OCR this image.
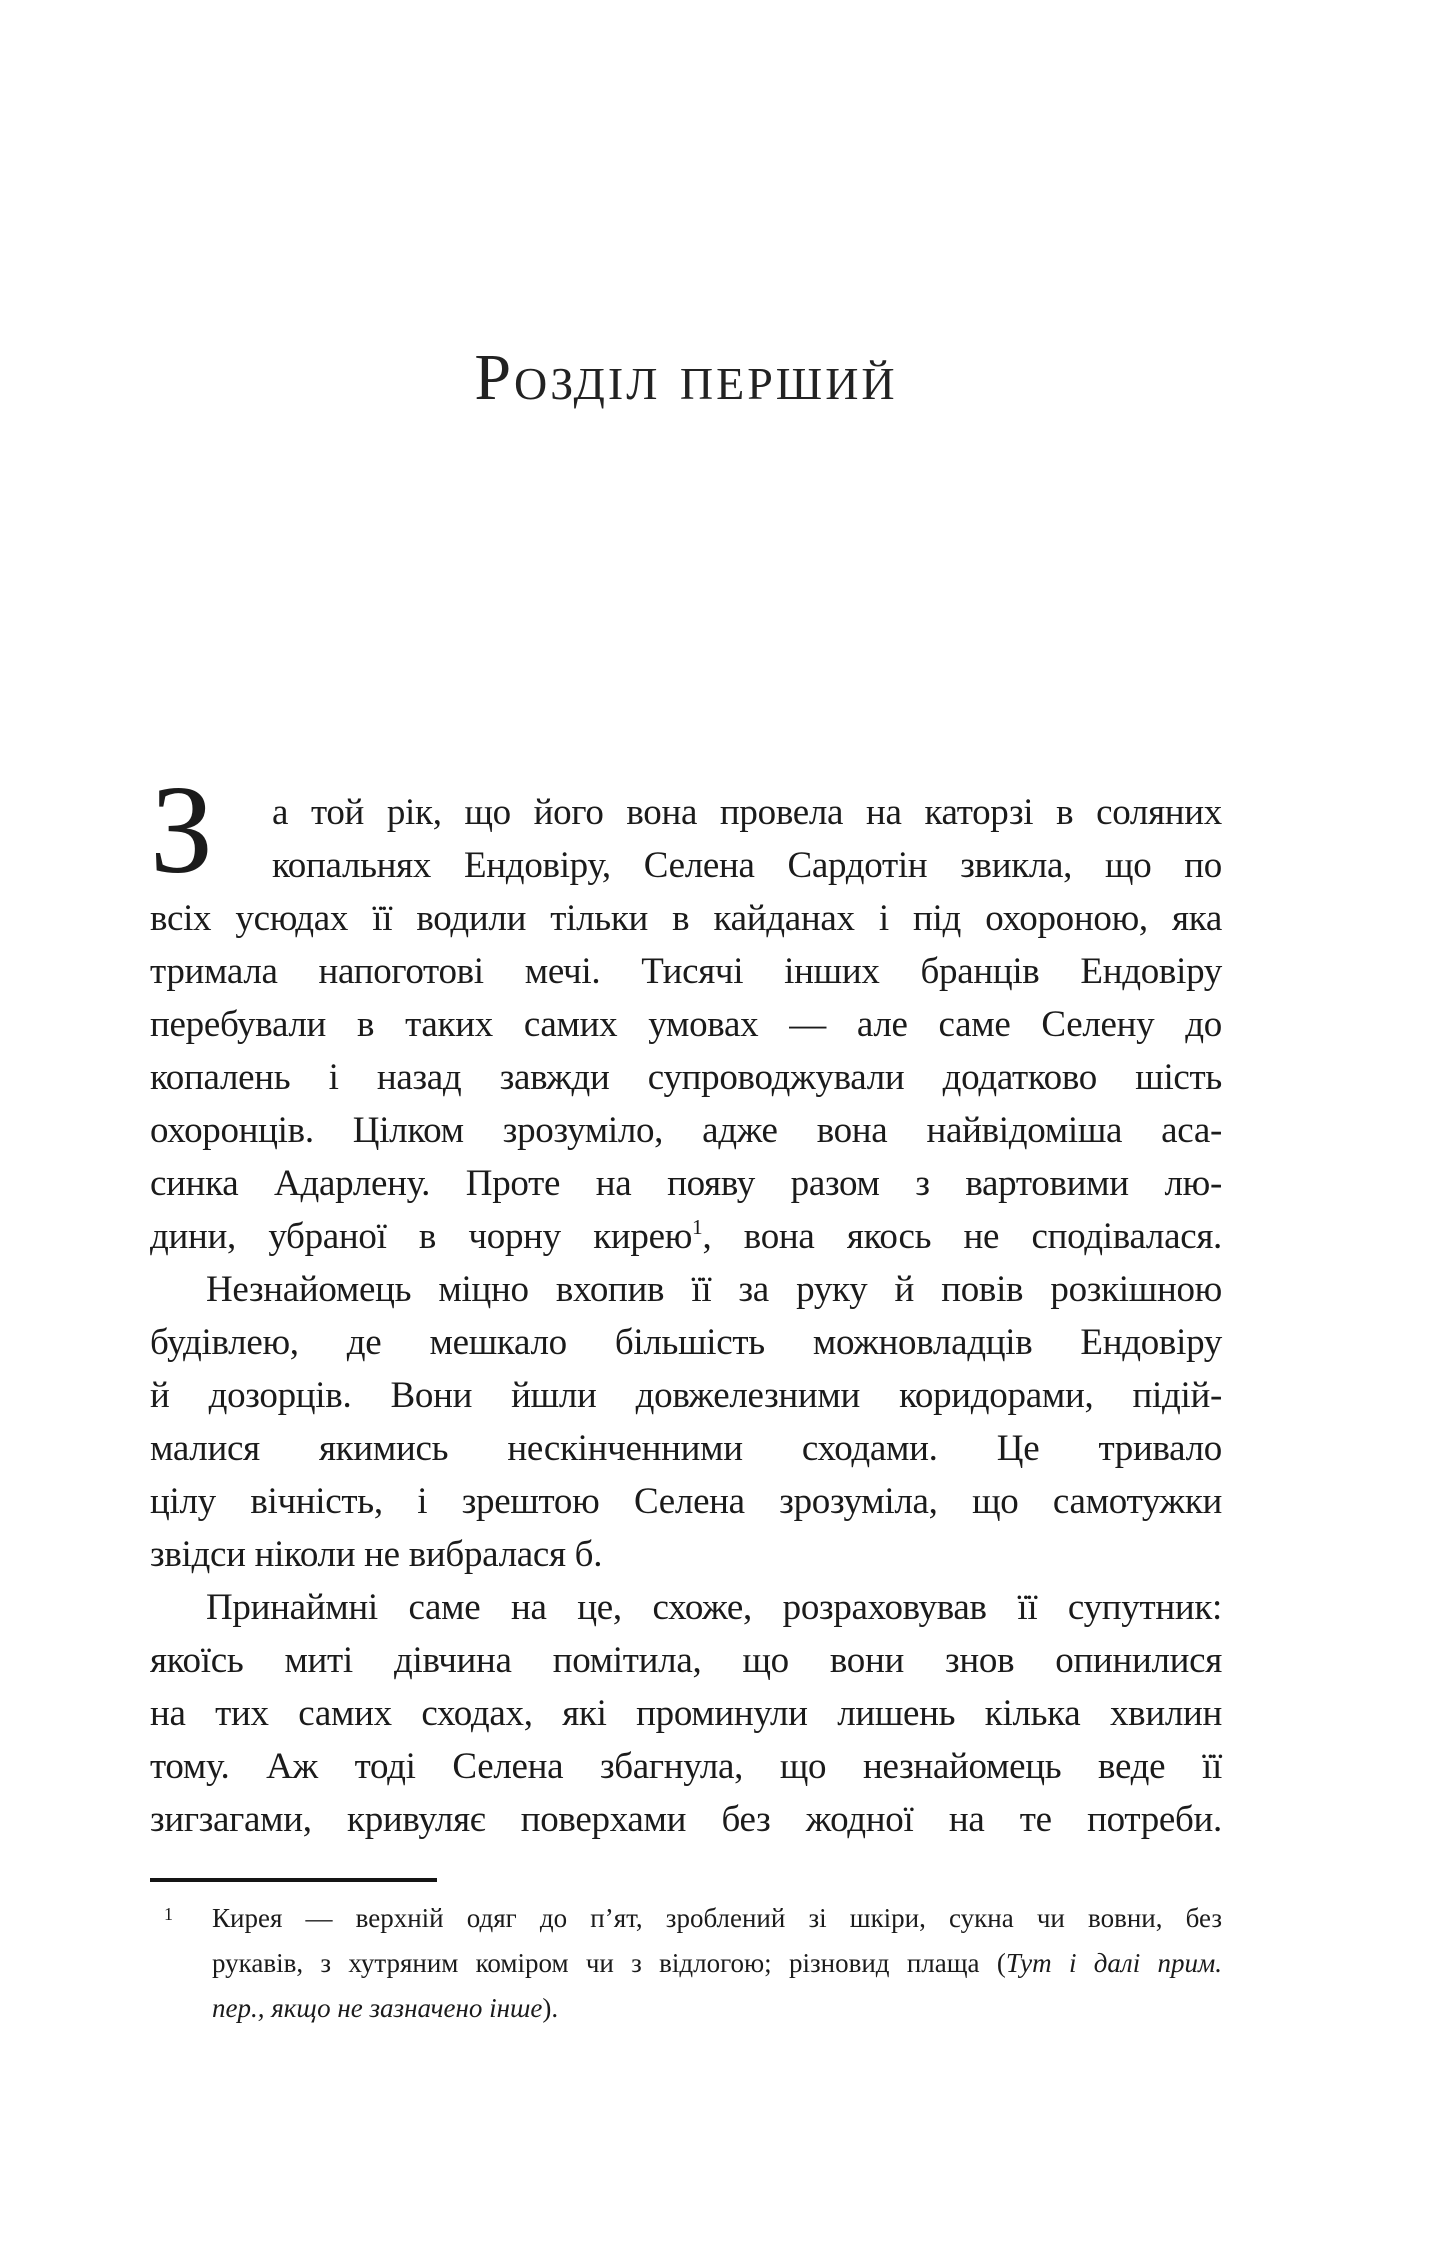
Розділ перший
З а той рік, що його вона провела на каторзі в соляних
копальнях Ендовіру, Селена Сардотін звикла, що по
всіх усюдах її водили тільки в кайданах і під охороною, яка
тримала напоготові мечі. Тисячі інших бранців Ендовіру
перебували в таких самих умовах — але саме Селену до
копалень і назад завжди супроводжували додатково шість
охоронців. Цілком зрозуміло, адже вона найвідоміша аса-
синка Адарлену. Проте на появу разом з вартовими лю-
дини, убраної в чорну кирею$^1$, вона якось не сподівалася.
Незнайомець міцно вхопив її за руку й повів розкішною
будівлею, де мешкало більшість можновладців Ендовіру
й дозорців. Вони йшли довжелезними коридорами, підій-
малися якимись нескінченними сходами. Це тривало
цілу вічність, і зрештою Селена зрозуміла, що самотужки
звідси ніколи не вибралася б.
Принаймні саме на це, схоже, розраховував її супутник:
якоїсь миті дівчина помітила, що вони знов опинилися
на тих самих сходах, які проминули лишень кілька хвилин
тому. Аж тоді Селена збагнула, що незнайомець веде її
зигзагами, кривуляє поверхами без жодної на те потреби.
Кирея — верхній одяг до п’ят, зроблений зі шкіри, сукна чи вовни, без
1
рукавів, з хутряним коміром чи з відлогою; різновид плаща (Тут і далі прим.
пер., якщо не зазначено інше).
